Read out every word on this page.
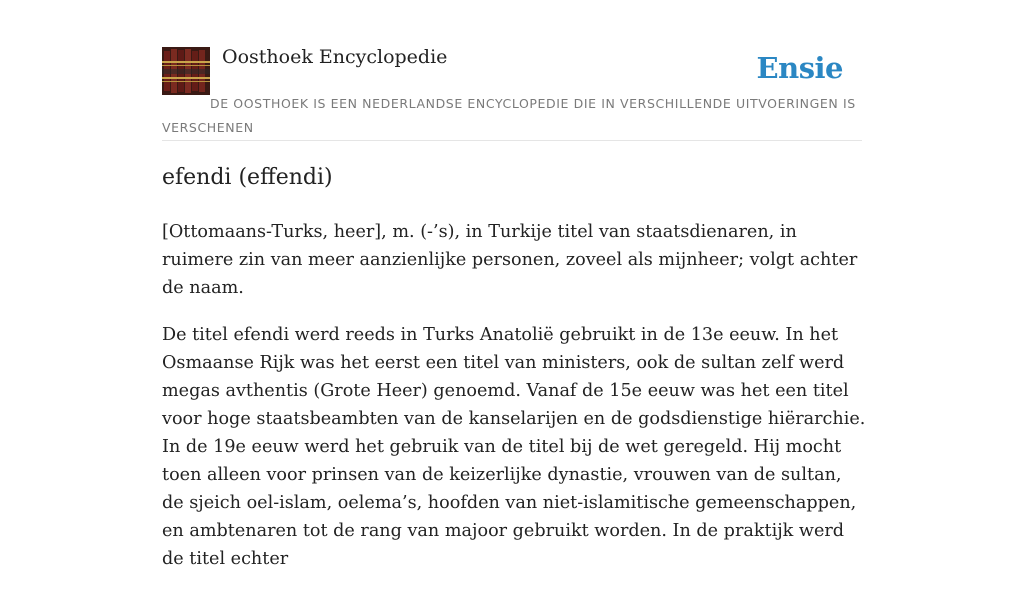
Oosthoek Encyclopedie	Ensie
DE OOSTHOEK IS EEN NEDERLANDSE ENCYCLOPEDIE DIE IN VERSCHILLENDE UITVOERINGEN IS VERSCHENEN
efendi (effendi)

[Ottomaans-Turks, heer], m. (-’s), in Turkije titel van staatsdienaren, in ruimere zin van meer aanzienlijke personen, zoveel als mijnheer; volgt achter de naam.

De titel efendi werd reeds in Turks Anatolië gebruikt in de 13e eeuw. In het Osmaanse Rijk was het eerst een titel van ministers, ook de sultan zelf werd megas avthentis (Grote Heer) genoemd. Vanaf de 15e eeuw was het een titel voor hoge staatsbeambten van de kanselarijen en de godsdienstige hiërarchie. In de 19e eeuw werd het gebruik van de titel bij de wet geregeld. Hij mocht toen alleen voor prinsen van de keizerlijke dynastie, vrouwen van de sultan, de sjeich oel-islam, oelema’s, hoofden van niet-islamitische gemeenschappen, en ambtenaren tot de rang van majoor gebruikt worden. In de praktijk werd de titel echter
